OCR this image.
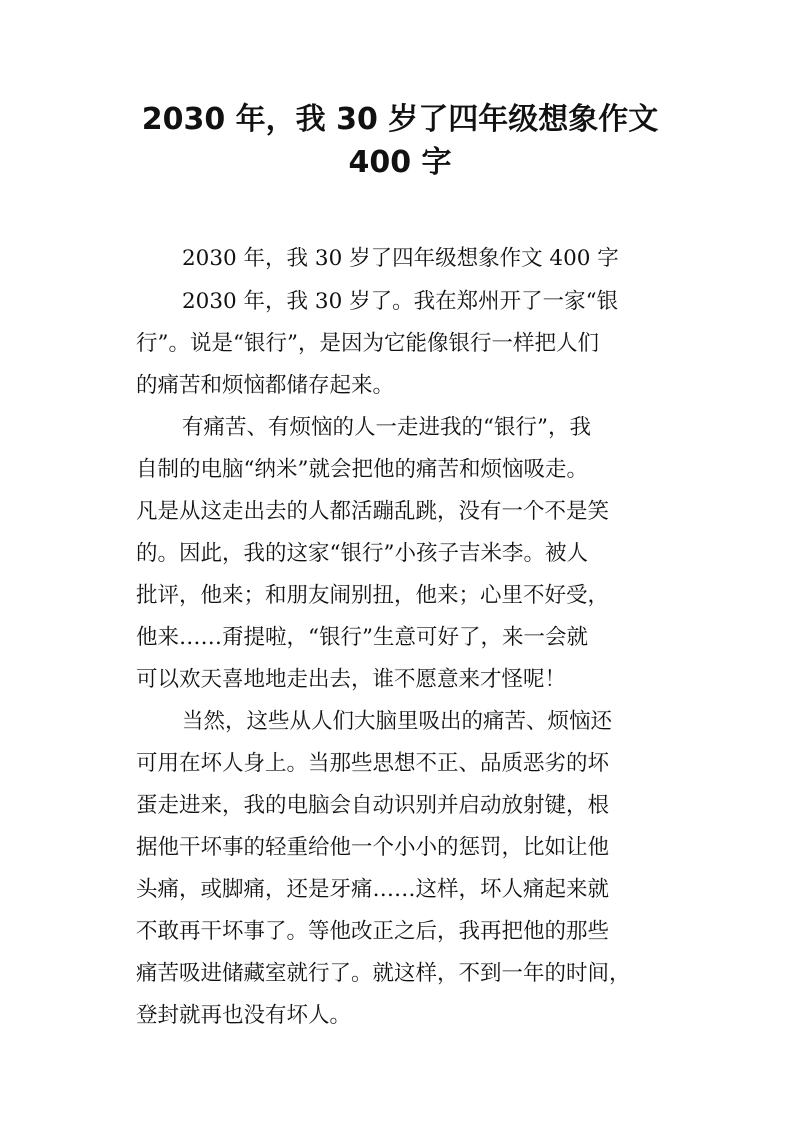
2030 年，我 30 岁了四年级想象作文
400 字

2030 年，我 30 岁了四年级想象作文 400 字

2030 年，我 30 岁了。我在郑州开了一家“银

行”。说是“银行”，是因为它能像银行一样把人们

的痛苦和烦恼都储存起来。

有痛苦、有烦恼的人一走进我的“银行”，我

自制的电脑“纳米”就会把他的痛苦和烦恼吸走。

凡是从这走出去的人都活蹦乱跳，没有一个不是笑

的。因此，我的这家“银行”小孩子吉米李。被人

批评，他来；和朋友闹别扭，他来；心里不好受，

他来……甭提啦，“银行”生意可好了，来一会就

可以欢天喜地地走出去，谁不愿意来才怪呢！

当然，这些从人们大脑里吸出的痛苦、烦恼还

可用在坏人身上。当那些思想不正、品质恶劣的坏

蛋走进来，我的电脑会自动识别并启动放射键，根

据他干坏事的轻重给他一个小小的惩罚，比如让他

头痛，或脚痛，还是牙痛……这样，坏人痛起来就

不敢再干坏事了。等他改正之后，我再把他的那些

痛苦吸进储藏室就行了。就这样，不到一年的时间，

登封就再也没有坏人。
